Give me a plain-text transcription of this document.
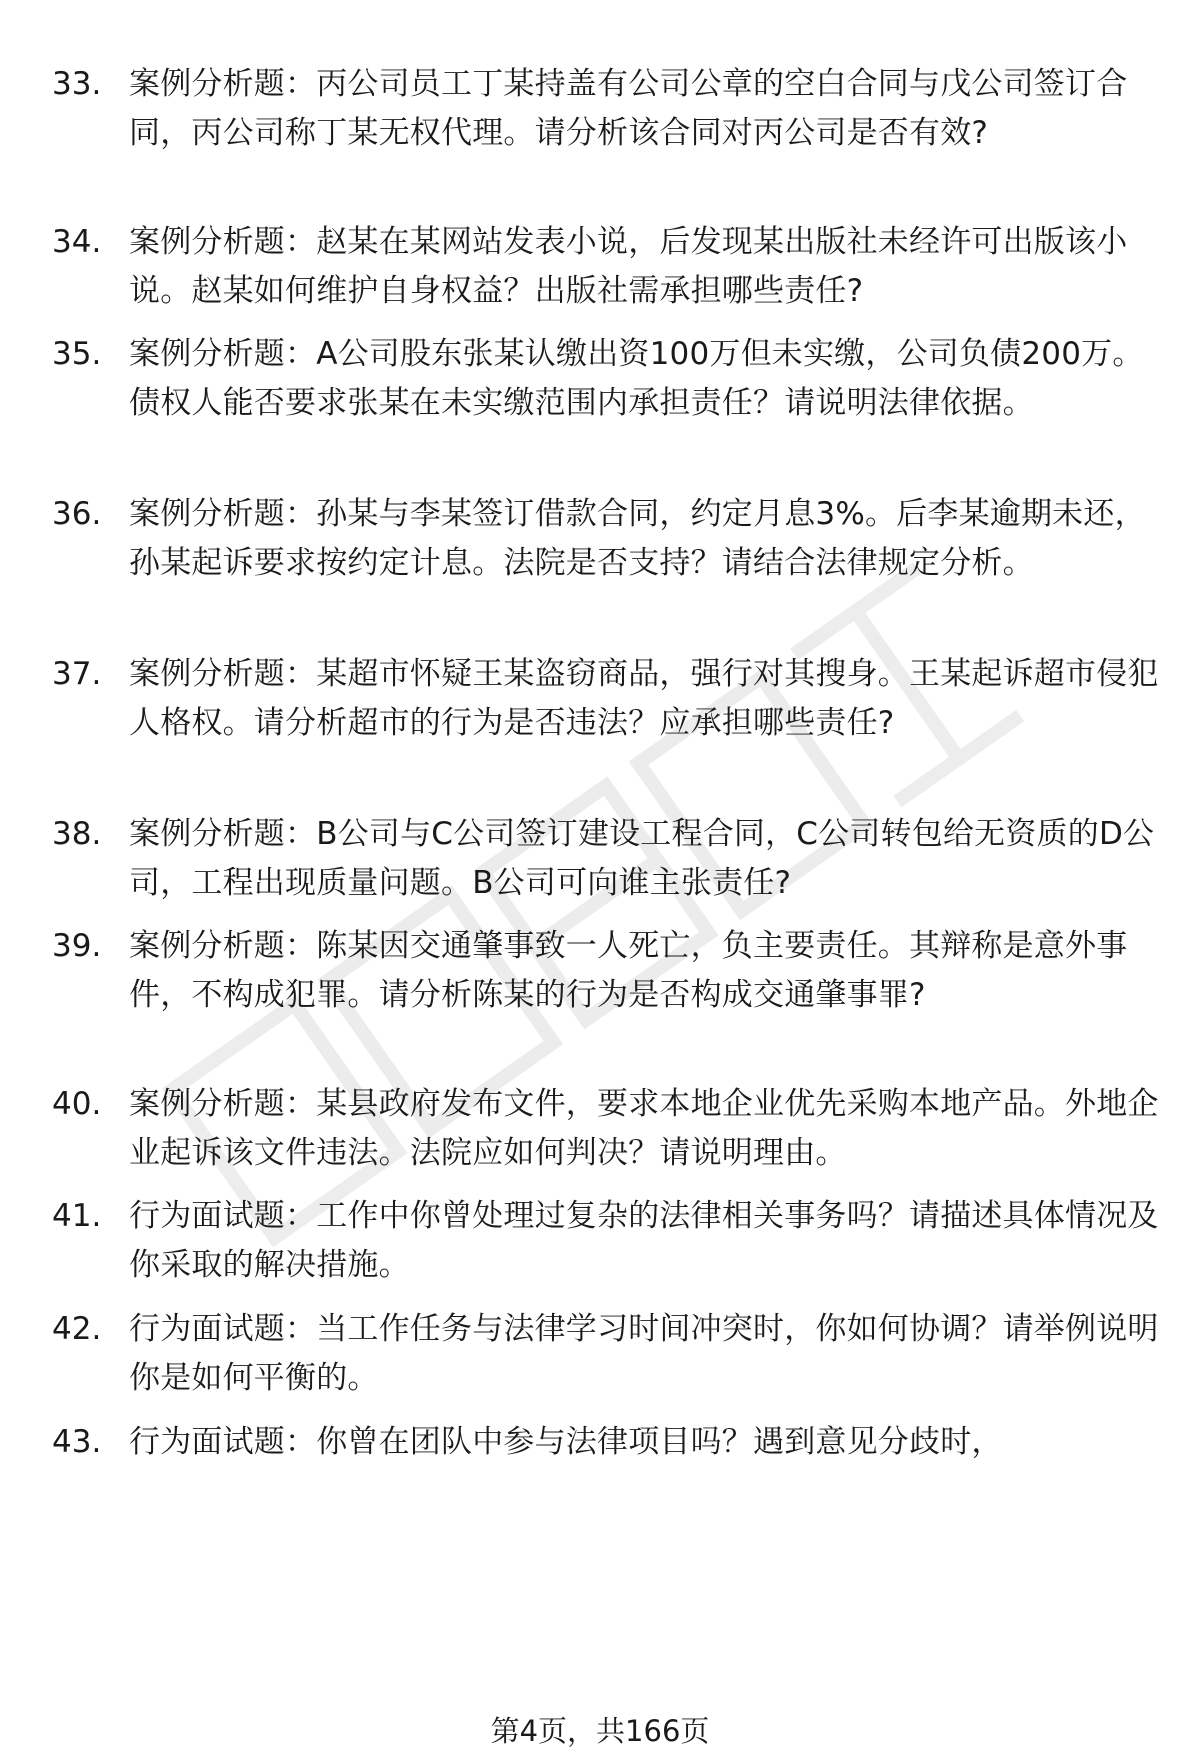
33. 案例分析题：丙公司员工丁某持盖有公司公章的空白合同与戊公司签订合同，丙公司称丁某无权代理。请分析该合同对丙公司是否有效?
34. 案例分析题：赵某在某网站发表小说，后发现某出版社未经许可出版该小说。赵某如何维护自身权益？出版社需承担哪些责任?
35. 案例分析题：A公司股东张某认缴出资100万但未实缴，公司负债200万。债权人能否要求张某在未实缴范围内承担责任？请说明法律依据。
36. 案例分析题：孙某与李某签订借款合同，约定月息3%。后李某逾期未还，孙某起诉要求按约定计息。法院是否支持？请结合法律规定分析。
37. 案例分析题：某超市怀疑王某盗窃商品，强行对其搜身。王某起诉超市侵犯人格权。请分析超市的行为是否违法？应承担哪些责任?
38. 案例分析题：B公司与C公司签订建设工程合同，C公司转包给无资质的D公司，工程出现质量问题。B公司可向谁主张责任?
39. 案例分析题：陈某因交通肇事致一人死亡，负主要责任。其辩称是意外事件，不构成犯罪。请分析陈某的行为是否构成交通肇事罪?
40. 案例分析题：某县政府发布文件，要求本地企业优先采购本地产品。外地企业起诉该文件违法。法院应如何判决？请说明理由。
41. 行为面试题：工作中你曾处理过复杂的法律相关事务吗？请描述具体情况及你采取的解决措施。
42. 行为面试题：当工作任务与法律学习时间冲突时，你如何协调？请举例说明你是如何平衡的。
43. 行为面试题：你曾在团队中参与法律项目吗？遇到意见分歧时，
第4页，共166页
